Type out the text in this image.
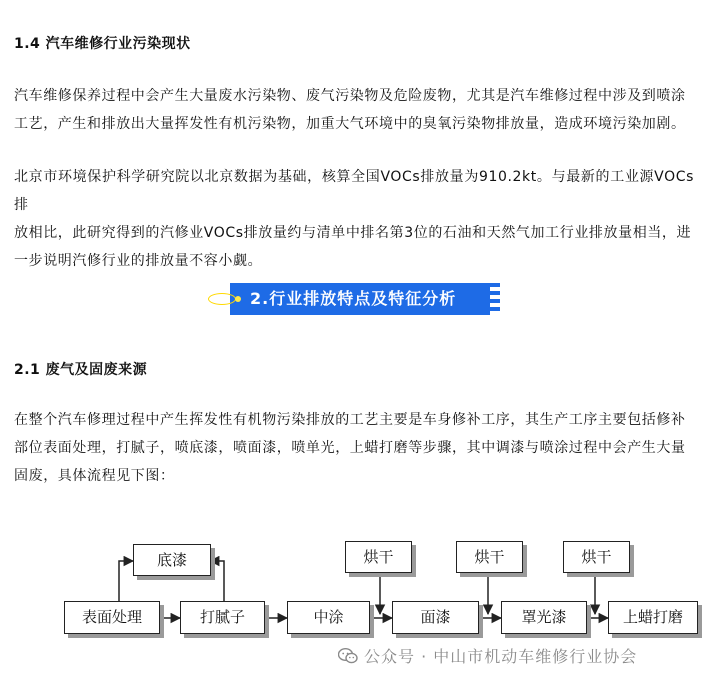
1.4 汽车维修行业污染现状
汽车维修保养过程中会产生大量废水污染物、废气污染物及危险废物，尤其是汽车维修过程中涉及到喷涂
工艺，产生和排放出大量挥发性有机污染物，加重大气环境中的臭氧污染物排放量，造成环境污染加剧。
北京市环境保护科学研究院以北京数据为基础，核算全国VOCs排放量为910.2kt。与最新的工业源VOCs排
放相比，此研究得到的汽修业VOCs排放量约与清单中排名第3位的石油和天然气加工行业排放量相当，进
一步说明汽修行业的排放量不容小觑。
2.行业排放特点及特征分析
2.1 废气及固废来源
在整个汽车修理过程中产生挥发性有机物污染排放的工艺主要是车身修补工序，其生产工序主要包括修补
部位表面处理，打腻子，喷底漆，喷面漆，喷单光，上蜡打磨等步骤，其中调漆与喷涂过程中会产生大量
固废，具体流程见下图：
底漆
表面处理	打腻子	中涂	面漆	罩光漆	上蜡打磨
烘干	烘干	烘干
公众号 · 中山市机动车维修行业协会
